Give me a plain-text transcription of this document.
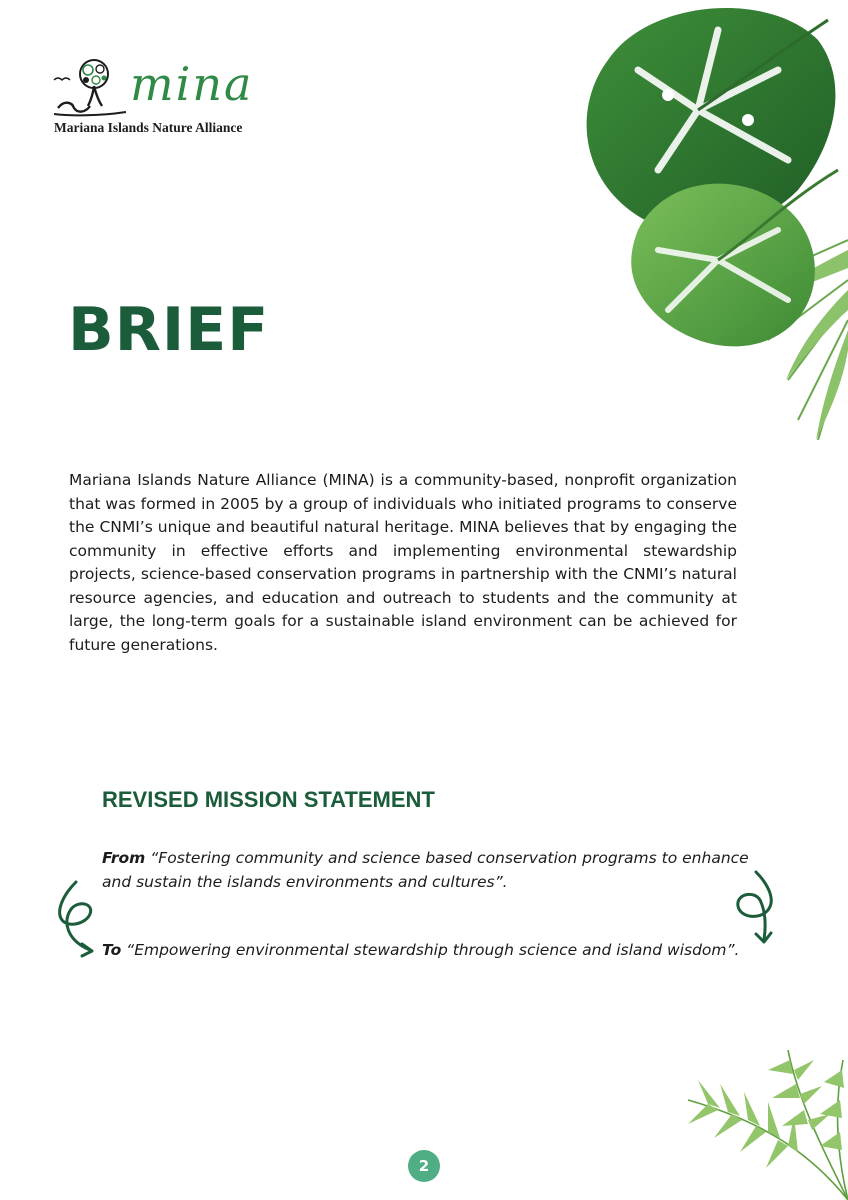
mina
Mariana Islands Nature Alliance
BRIEF

Mariana Islands Nature Alliance (MINA) is a community-based, nonprofit organization that was formed in 2005 by a group of individuals who initiated programs to conserve the CNMI’s unique and beautiful natural heritage. MINA believes that by engaging the community in effective efforts and implementing environmental stewardship projects, science-based conservation programs in partnership with the CNMI’s natural resource agencies, and education and outreach to students and the community at large, the long-term goals for a sustainable island environment can be achieved for future generations.

REVISED MISSION STATEMENT

From “Fostering community and science based conservation programs to enhance and sustain the islands environments and cultures”.

To “Empowering environmental stewardship through science and island wisdom”.

2
